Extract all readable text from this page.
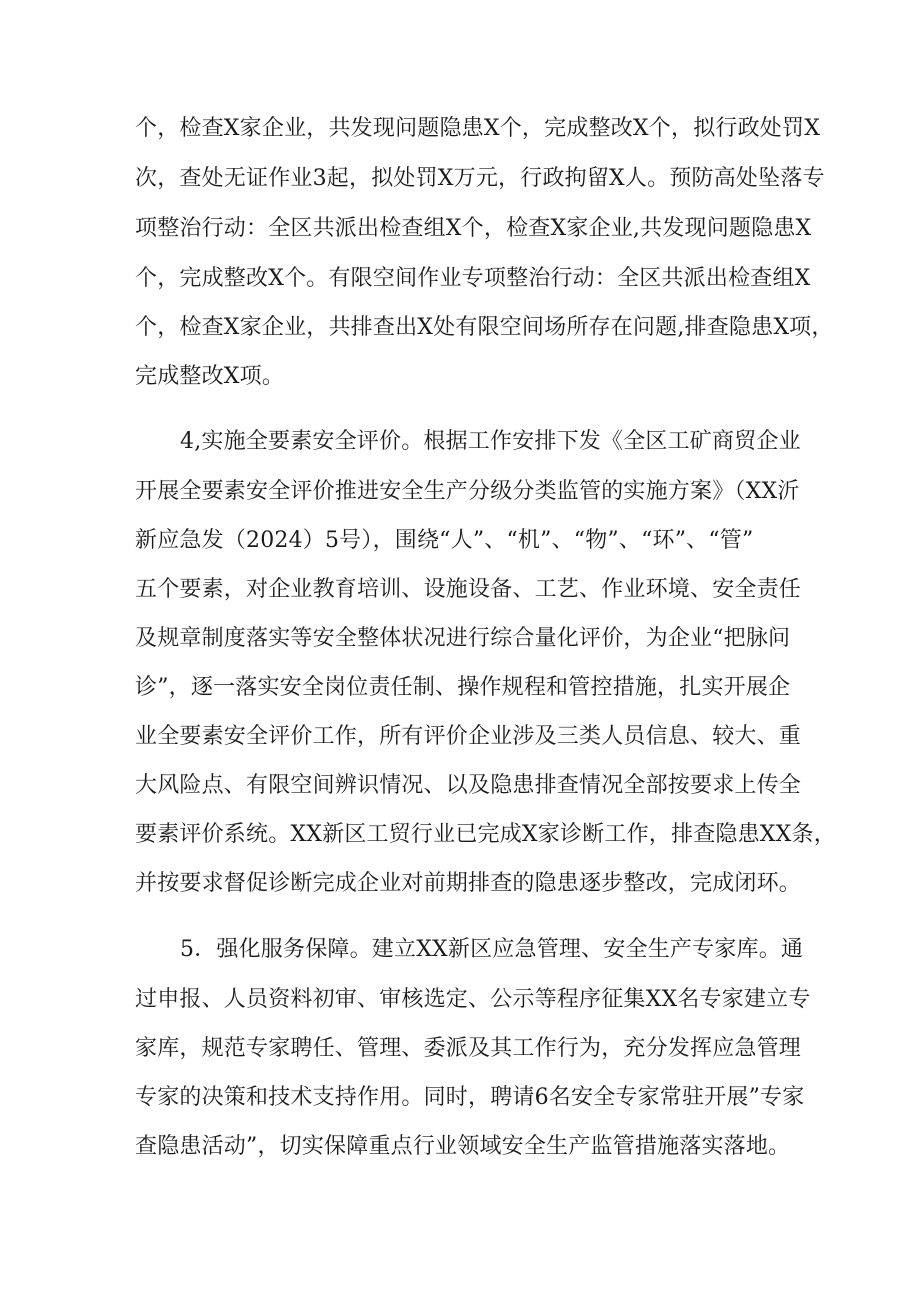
个，检查X家企业，共发现问题隐患X个，完成整改X个，拟行政处罚X
次，查处无证作业3起，拟处罚X万元，行政拘留X人。预防高处坠落专
项整治行动：全区共派出检查组X个，检查X家企业,共发现问题隐患X
个，完成整改X个。有限空间作业专项整治行动：全区共派出检查组X
个，检查X家企业，共排查出X处有限空间场所存在问题,排查隐患X项，
完成整改X项。
4,实施全要素安全评价。根据工作安排下发《全区工矿商贸企业
开展全要素安全评价推进安全生产分级分类监管的实施方案》（XX沂
新应急发（2024）5号），围绕“人”、“机”、“物”、“环”、“管”
五个要素，对企业教育培训、设施设备、工艺、作业环境、安全责任
及规章制度落实等安全整体状况进行综合量化评价，为企业“把脉问
诊”，逐一落实安全岗位责任制、操作规程和管控措施，扎实开展企
业全要素安全评价工作，所有评价企业涉及三类人员信息、较大、重
大风险点、有限空间辨识情况、以及隐患排查情况全部按要求上传全
要素评价系统。XX新区工贸行业已完成X家诊断工作，排查隐患XX条，
并按要求督促诊断完成企业对前期排查的隐患逐步整改，完成闭环。
5．强化服务保障。建立XX新区应急管理、安全生产专家库。通
过申报、人员资料初审、审核选定、公示等程序征集XX名专家建立专
家库，规范专家聘任、管理、委派及其工作行为，充分发挥应急管理
专家的决策和技术支持作用。同时，聘请6名安全专家常驻开展”专家
查隐患活动”，切实保障重点行业领域安全生产监管措施落实落地。
